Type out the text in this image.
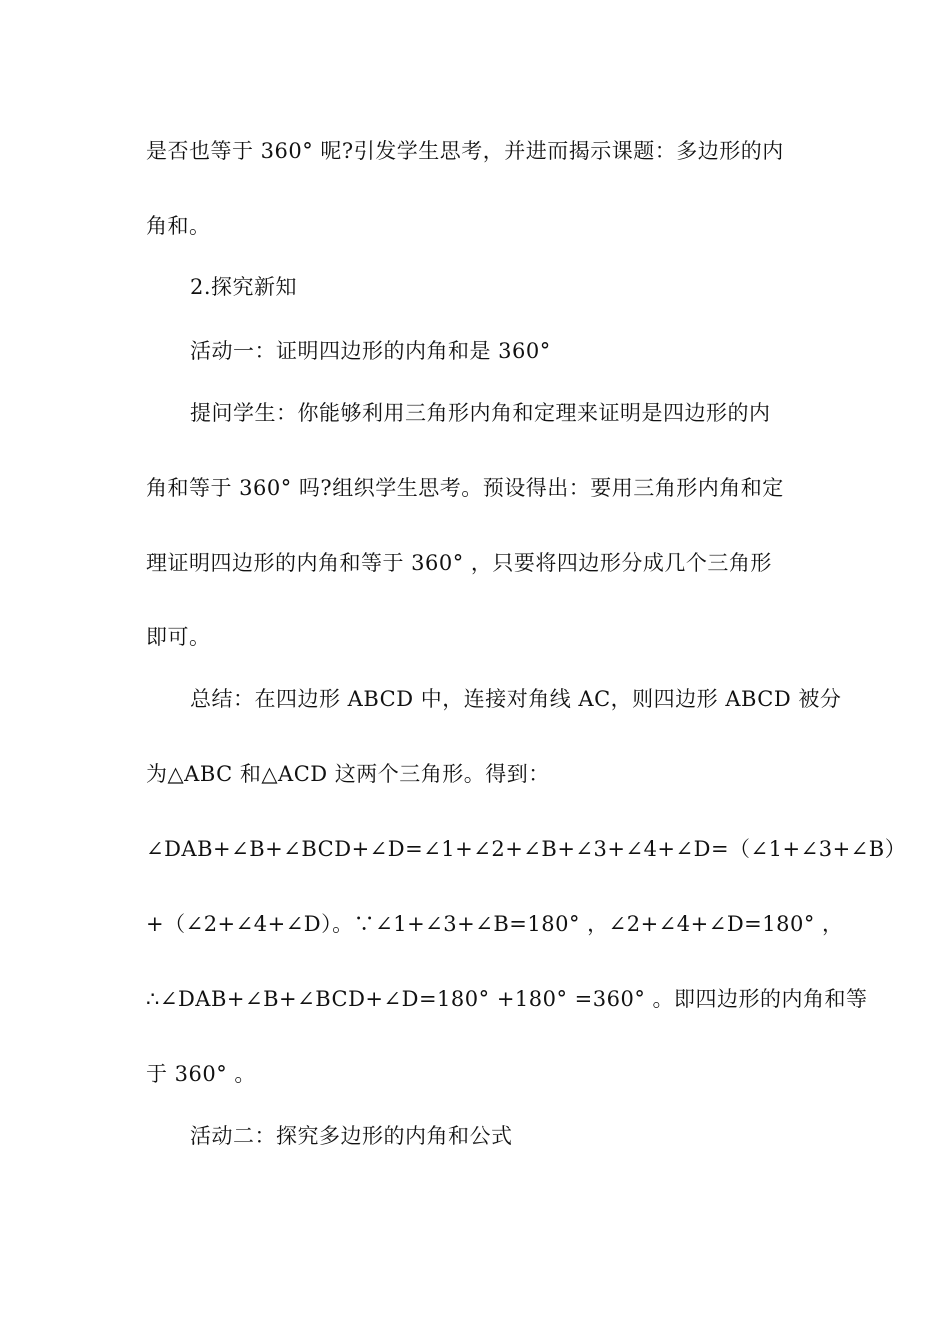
是否也等于 360° 呢?引发学生思考，并进而揭示课题：多边形的内
角和。
2.探究新知
活动一：证明四边形的内角和是 360°
提问学生：你能够利用三角形内角和定理来证明是四边形的内
角和等于 360° 吗?组织学生思考。预设得出：要用三角形内角和定
理证明四边形的内角和等于 360° ，只要将四边形分成几个三角形
即可。
总结：在四边形 ABCD 中，连接对角线 AC，则四边形 ABCD 被分
为△ABC 和△ACD 这两个三角形。得到：
∠DAB+∠B+∠BCD+∠D=∠1+∠2+∠B+∠3+∠4+∠D=（∠1+∠3+∠B）
+（∠2+∠4+∠D）。∵∠1+∠3+∠B=180° ，∠2+∠4+∠D=180° ，
∴∠DAB+∠B+∠BCD+∠D=180° +180° =360° 。即四边形的内角和等
于 360° 。
活动二：探究多边形的内角和公式
